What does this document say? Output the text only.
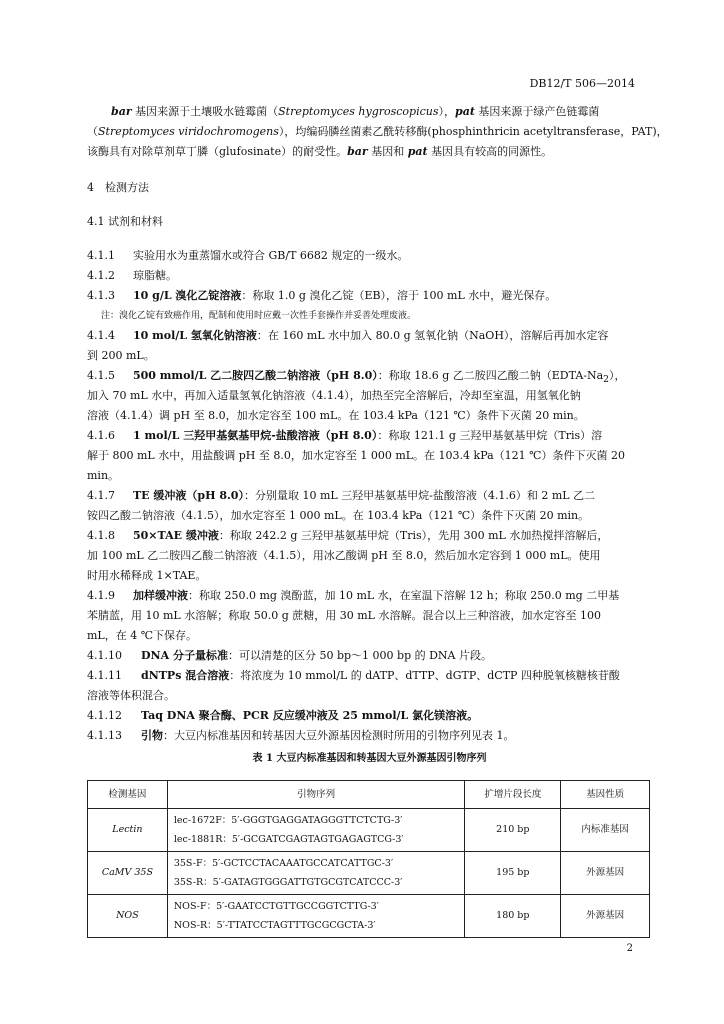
DB12/T 506—2014
bar 基因来源于土壤吸水链霉菌（Streptomyces hygroscopicus），pat 基因来源于绿产色链霉菌
（Streptomyces viridochromogens），均编码膦丝菌素乙酰转移酶(phosphinthricin acetyltransferase，PAT)，
该酶具有对除草剂草丁膦（glufosinate）的耐受性。bar 基因和 pat 基因具有较高的同源性。
4 检测方法
4.1 试剂和材料
4.1.1 实验用水为重蒸馏水或符合 GB/T 6682 规定的一级水。
4.1.2 琼脂糖。
4.1.3 10 g/L 溴化乙锭溶液：称取 1.0 g 溴化乙锭（EB），溶于 100 mL 水中，避光保存。
注：溴化乙锭有致癌作用，配制和使用时应戴一次性手套操作并妥善处理废液。
4.1.4 10 mol/L 氢氧化钠溶液：在 160 mL 水中加入 80.0 g 氢氧化钠（NaOH），溶解后再加水定容
到 200 mL。
4.1.5 500 mmol/L 乙二胺四乙酸二钠溶液（pH 8.0）：称取 18.6 g 乙二胺四乙酸二钠$(EDTA-Na_2)$，
加入 70 mL 水中，再加入适量氢氧化钠溶液（4.1.4），加热至完全溶解后，冷却至室温，用氢氧化钠
溶液（4.1.4）调 pH 至 8.0，加水定容至 100 mL。在 103.4 kPa（121 ℃）条件下灭菌 20 min。
4.1.6 1 mol/L 三羟甲基氨基甲烷-盐酸溶液（pH 8.0）：称取 121.1 g 三羟甲基氨基甲烷（Tris）溶
解于 800 mL 水中，用盐酸调 pH 至 8.0，加水定容至 1 000 mL。在 103.4 kPa（121 ℃）条件下灭菌 20
min。
4.1.7 TE 缓冲液（pH 8.0）：分别量取 10 mL 三羟甲基氨基甲烷-盐酸溶液（4.1.6）和 2 mL 乙二
铵四乙酸二钠溶液（4.1.5），加水定容至 1 000 mL。在 103.4 kPa（121 ℃）条件下灭菌 20 min。
4.1.8 50×TAE 缓冲液：称取 242.2 g 三羟甲基氨基甲烷（Tris），先用 300 mL 水加热搅拌溶解后，
加 100 mL 乙二胺四乙酸二钠溶液（4.1.5），用冰乙酸调 pH 至 8.0，然后加水定容到 1 000 mL。使用
时用水稀释成 1×TAE。
4.1.9 加样缓冲液：称取 250.0 mg 溴酚蓝，加 10 mL 水，在室温下溶解 12 h；称取 250.0 mg 二甲基
苯腈蓝，用 10 mL 水溶解；称取 50.0 g 蔗糖，用 30 mL 水溶解。混合以上三种溶液，加水定容至 100
mL，在 4 ℃下保存。
4.1.10 DNA 分子量标准：可以清楚的区分 50 bp～1 000 bp 的 DNA 片段。
4.1.11 dNTPs 混合溶液：将浓度为 10 mmol/L 的 dATP、dTTP、dGTP、dCTP 四种脱氧核糖核苷酸
溶液等体积混合。
4.1.12 Taq DNA 聚合酶、PCR 反应缓冲液及 25 mmol/L 氯化镁溶液。
4.1.13 引物：大豆内标准基因和转基因大豆外源基因检测时所用的引物序列见表 1。
表 1 大豆内标准基因和转基因大豆外源基因引物序列
检测基因	引物序列	扩增片段长度	基因性质
Lectin	lec-1672F：5′-GGGTGAGGATAGGGTTCTCTG-3′
lec-1881R：5′-GCGATCGAGTAGTGAGAGTCG-3′	210 bp	内标准基因
CaMV 35S	35S-F：5′-GCTCCTACAAATGCCATCATTGC-3′
35S-R：5′-GATAGTGGGATTGTGCGTCATCCC-3′	195 bp	外源基因
NOS	NOS-F：5′-GAATCCTGTTGCCGGTCTTG-3′
NOS-R：5′-TTATCCTAGTTTGCGCGCTA-3′	180 bp	外源基因
2
